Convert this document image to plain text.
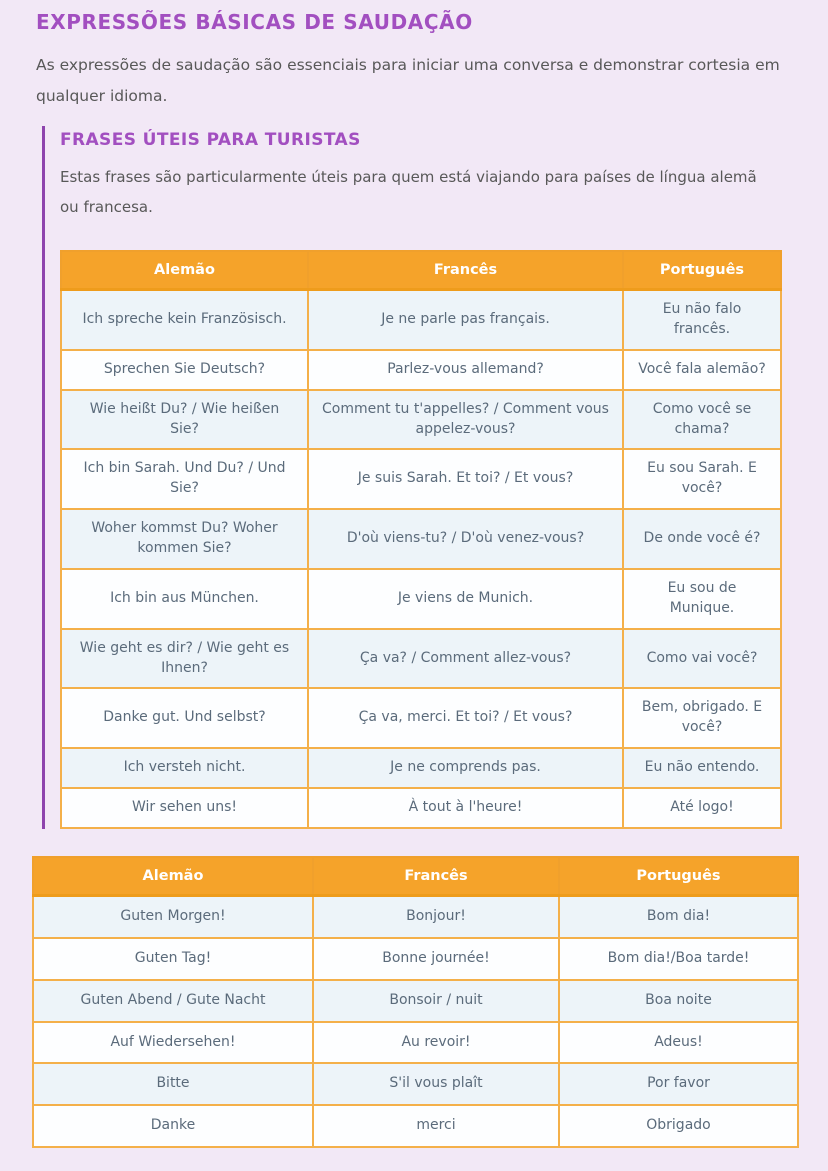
EXPRESSÕES BÁSICAS DE SAUDAÇÃO

As expressões de saudação são essenciais para iniciar uma conversa e demonstrar cortesia em qualquer idioma.

FRASES ÚTEIS PARA TURISTAS

Estas frases são particularmente úteis para quem está viajando para países de língua alemã ou francesa.

Alemão	Francês	Português
Ich spreche kein Französisch.	Je ne parle pas français.	Eu não falo francês.
Sprechen Sie Deutsch?	Parlez-vous allemand?	Você fala alemão?
Wie heißt Du? / Wie heißen Sie?	Comment tu t'appelles? / Comment vous appelez-vous?	Como você se chama?
Ich bin Sarah. Und Du? / Und Sie?	Je suis Sarah. Et toi? / Et vous?	Eu sou Sarah. E você?
Woher kommst Du? Woher kommen Sie?	D'où viens-tu? / D'où venez-vous?	De onde você é?
Ich bin aus München.	Je viens de Munich.	Eu sou de Munique.
Wie geht es dir? / Wie geht es Ihnen?	Ça va? / Comment allez-vous?	Como vai você?
Danke gut. Und selbst?	Ça va, merci. Et toi? / Et vous?	Bem, obrigado. E você?
Ich versteh nicht.	Je ne comprends pas.	Eu não entendo.
Wir sehen uns!	À tout à l'heure!	Até logo!
Alemão	Francês	Português
Guten Morgen!	Bonjour!	Bom dia!
Guten Tag!	Bonne journée!	Bom dia!/Boa tarde!
Guten Abend / Gute Nacht	Bonsoir / nuit	Boa noite
Auf Wiedersehen!	Au revoir!	Adeus!
Bitte	S'il vous plaît	Por favor
Danke	merci	Obrigado
